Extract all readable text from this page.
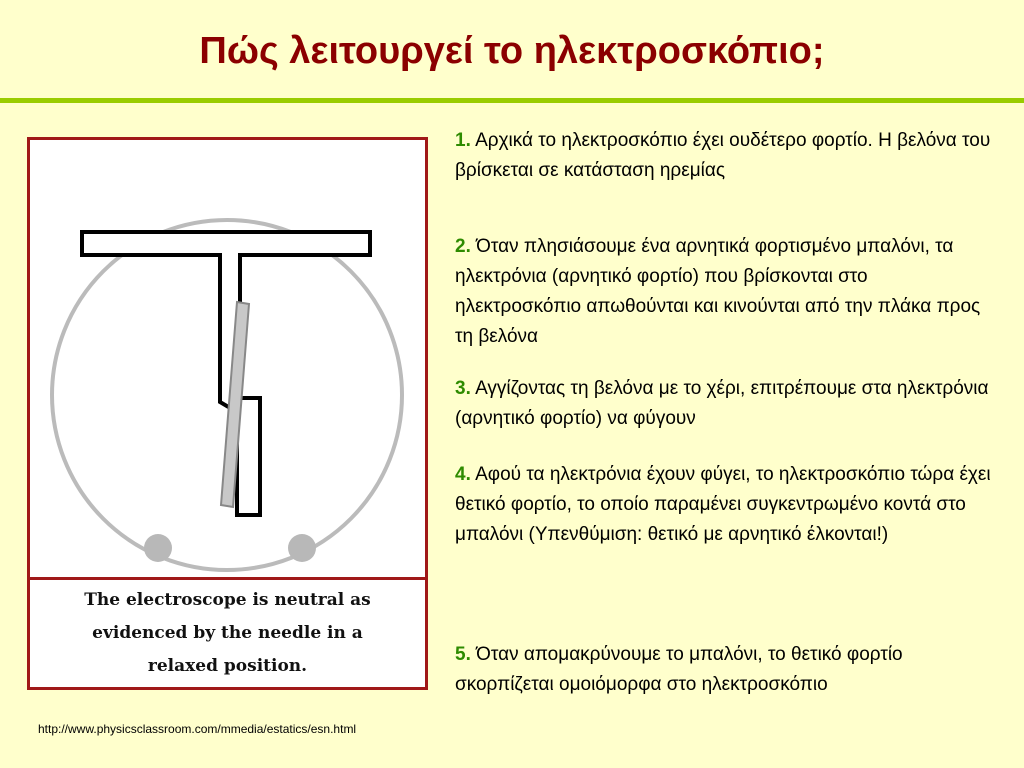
Πώς λειτουργεί το ηλεκτροσκόπιο;
The electroscope is neutral as evidenced by the needle in a relaxed position.
http://www.physicsclassroom.com/mmedia/estatics/esn.html
1. Αρχικά το ηλεκτροσκόπιο έχει ουδέτερο φορτίο. Η βελόνα του βρίσκεται σε κατάσταση ηρεμίας
2. Όταν πλησιάσουμε ένα αρνητικά φορτισμένο μπαλόνι, τα ηλεκτρόνια (αρνητικό φορτίο) που βρίσκονται στο ηλεκτροσκόπιο απωθούνται και κινούνται από την πλάκα προς τη βελόνα
3. Αγγίζοντας τη βελόνα με το χέρι, επιτρέπουμε στα ηλεκτρόνια (αρνητικό φορτίο) να φύγουν
4. Αφού τα ηλεκτρόνια έχουν φύγει, το ηλεκτροσκόπιο τώρα έχει θετικό φορτίο, το οποίο παραμένει συγκεντρωμένο κοντά στο μπαλόνι (Υπενθύμιση: θετικό με αρνητικό έλκονται!)
5. Όταν απομακρύνουμε το μπαλόνι, το θετικό φορτίο σκορπίζεται ομοιόμορφα στο ηλεκτροσκόπιο
